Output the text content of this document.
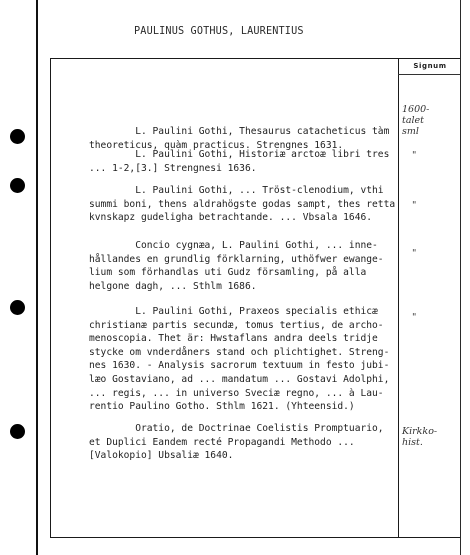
PAULINUS GOTHUS, LAURENTIUS
Signum
L. Paulini Gothi, Thesaurus catacheticus tàm
theoreticus, quàm practicus. Strengnes 1631.
1600-
talet
sml
L. Paulini Gothi, Historiæ arctoæ libri tres
... 1-2,[3.] Strengnesi 1636.
"
L. Paulini Gothi, ... Tröst-clenodium, vthi
summi boni, thens aldrahögste godas sampt, thes retta
kvnskapz gudeligha betrachtande. ... Vbsala 1646.
"
Concio cygnæa, L. Paulini Gothi, ... inne-
hållandes en grundlig förklarning, uthöfwer ewange-
lium som förhandlas uti Gudz församling, på alla
helgone dagh, ... Sthlm 1686.
"
L. Paulini Gothi, Praxeos specialis ethicæ
christianæ partis secundæ, tomus tertius, de archo-
menoscopia. Thet är: Hwstaflans andra deels tridje
stycke om vnderdåners stand och plichtighet. Streng-
nes 1630. - Analysis sacrorum textuum in festo jubi-
læo Gostaviano, ad ... mandatum ... Gostavi Adolphi,
... regis, ... in universo Sveciæ regno, ... à Lau-
rentio Paulino Gotho. Sthlm 1621. (Yhteensid.)
"
Oratio, de Doctrinae Coelistis Promptuario,
et Duplici Eandem recté Propagandi Methodo ...
[Valokopio] Ubsaliæ 1640.
Kirkko-
hist.
